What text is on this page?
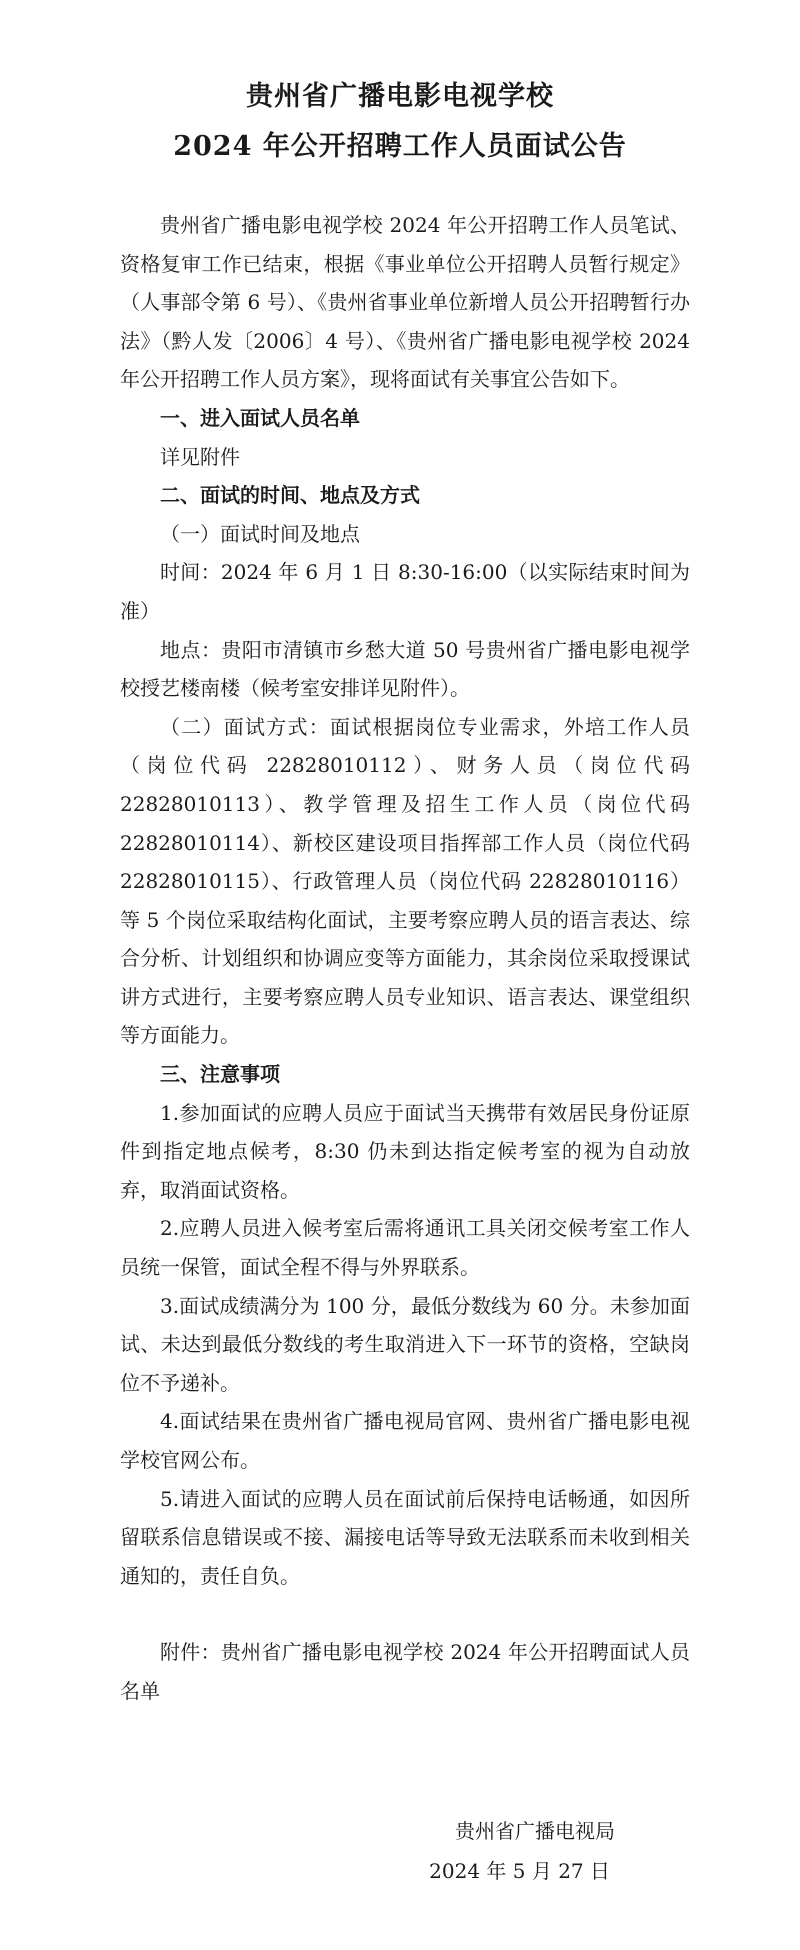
贵州省广播电影电视学校
2024 年公开招聘工作人员面试公告

贵州省广播电影电视学校 2024 年公开招聘工作人员笔试、资格复审工作已结束，根据《事业单位公开招聘人员暂行规定》（人事部令第 6 号）、《贵州省事业单位新增人员公开招聘暂行办法》（黔人发〔2006〕4 号）、《贵州省广播电影电视学校 2024 年公开招聘工作人员方案》，现将面试有关事宜公告如下。

一、进入面试人员名单

详见附件

二、面试的时间、地点及方式

（一）面试时间及地点

时间：2024 年 6 月 1 日 8:30-16:00（以实际结束时间为准）

地点：贵阳市清镇市乡愁大道 50 号贵州省广播电影电视学校授艺楼南楼（候考室安排详见附件）。

（二）面试方式：面试根据岗位专业需求，外培工作人员（岗位代码 22828010112）、财务人员（岗位代码 22828010113）、教学管理及招生工作人员（岗位代码 22828010114）、新校区建设项目指挥部工作人员（岗位代码 22828010115）、行政管理人员（岗位代码 22828010116）等 5 个岗位采取结构化面试，主要考察应聘人员的语言表达、综合分析、计划组织和协调应变等方面能力，其余岗位采取授课试讲方式进行，主要考察应聘人员专业知识、语言表达、课堂组织等方面能力。

三、注意事项

1.参加面试的应聘人员应于面试当天携带有效居民身份证原件到指定地点候考，8:30 仍未到达指定候考室的视为自动放弃，取消面试资格。

2.应聘人员进入候考室后需将通讯工具关闭交候考室工作人员统一保管，面试全程不得与外界联系。

3.面试成绩满分为 100 分，最低分数线为 60 分。未参加面试、未达到最低分数线的考生取消进入下一环节的资格，空缺岗位不予递补。

4.面试结果在贵州省广播电视局官网、贵州省广播电影电视学校官网公布。

5.请进入面试的应聘人员在面试前后保持电话畅通，如因所留联系信息错误或不接、漏接电话等导致无法联系而未收到相关通知的，责任自负。

附件：贵州省广播电影电视学校 2024 年公开招聘面试人员名单

贵州省广播电视局
2024 年 5 月 27 日
